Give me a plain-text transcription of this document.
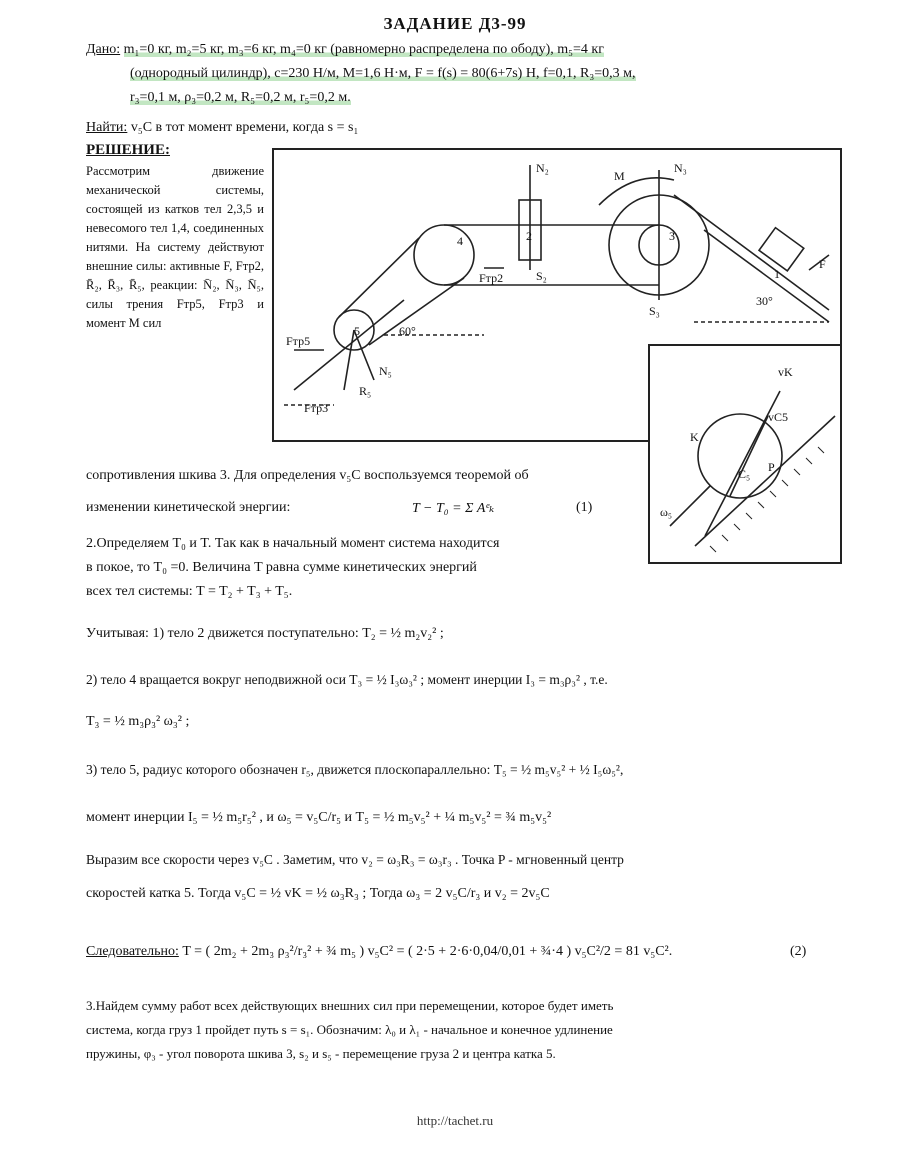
ЗАДАНИЕ Д3-99
Дано: m₁=0 кг, m₂=5 кг, m₃=6 кг, m₄=0 кг (равномерно распределена по ободу), m₅=4 кг
(однородный цилиндр), c=230 Н/м, M=1,6 Н·м, F = f(s) = 80(6+7s) Н, f=0,1, R₃=0,3 м,
r₃=0,1 м, ρ₃=0,2 м, R₅=0,2 м, r₅=0,2 м.
Найти: v₅C в тот момент времени, когда s = s₁
РЕШЕНИЕ:
Рассмотрим движение механической системы, состоящей из катков тел 2,3,5 и невесомого тел 1,4, соединенных нитями. На систему действуют внешние силы: активные F, Fтр2, R̄₂, R̄₃, R̄₅, реакции: N̄₂, N̄₃, N̄₅, силы трения Fтр5, Fтр3 и момент M сил
N₂
S₂
M
N₃
S₃
Fтр2
F
30°
60°
Fтр5
Fтр3
N₅
R₅
4	2	3
1
5
vK
vC5
K
C₅
ω₅
P
сопротивления шкива 3. Для определения v₅C воспользуемся теоремой об
изменении кинетической энергии:	T − T₀ = Σ Aᵉₖ	(1)
2.Определяем T₀ и T. Так как в начальный момент система находится
в покое, то T₀ =0. Величина T равна сумме кинетических энергий
всех тел системы: T = T₂ + T₃ + T₅.
Учитывая: 1) тело 2 движется поступательно: T₂ = ½ m₂v₂² ;
2) тело 4 вращается вокруг неподвижной оси T₃ = ½ I₃ω₃² ; момент инерции I₃ = m₃ρ₃² , т.е.
T₃ = ½ m₃ρ₃² ω₃² ;
3) тело 5, радиус которого обозначен r₅, движется плоскопараллельно: T₅ = ½ m₅v₅² + ½ I₅ω₅²,
момент инерции I₅ = ½ m₅r₅² , и ω₅ = v₅C/r₅ и T₅ = ½ m₅v₅² + ¼ m₅v₅² = ¾ m₅v₅²
Выразим все скорости через v₅C . Заметим, что v₂ = ω₃R₃ = ω₃r₃ . Точка P - мгновенный центр
скоростей катка 5. Тогда v₅C = ½ vK = ½ ω₃R₃ ; Тогда ω₃ = 2 v₅C/r₃ и v₂ = 2v₅C
Следовательно: T = ( 2m₂ + 2m₃ ρ₃²/r₃² + ¾ m₅ ) v₅C² = ( 2·5 + 2·6·0,04/0,01 + ¾·4 ) v₅C²/2 = 81 v₅C².	(2)
3.Найдем сумму работ всех действующих внешних сил при перемещении, которое будет иметь
система, когда груз 1 пройдет путь s = s₁. Обозначим: λ₀ и λ₁ - начальное и конечное удлинение
пружины, φ₃ - угол поворота шкива 3, s₂ и s₅ - перемещение груза 2 и центра катка 5.
http://tachet.ru
